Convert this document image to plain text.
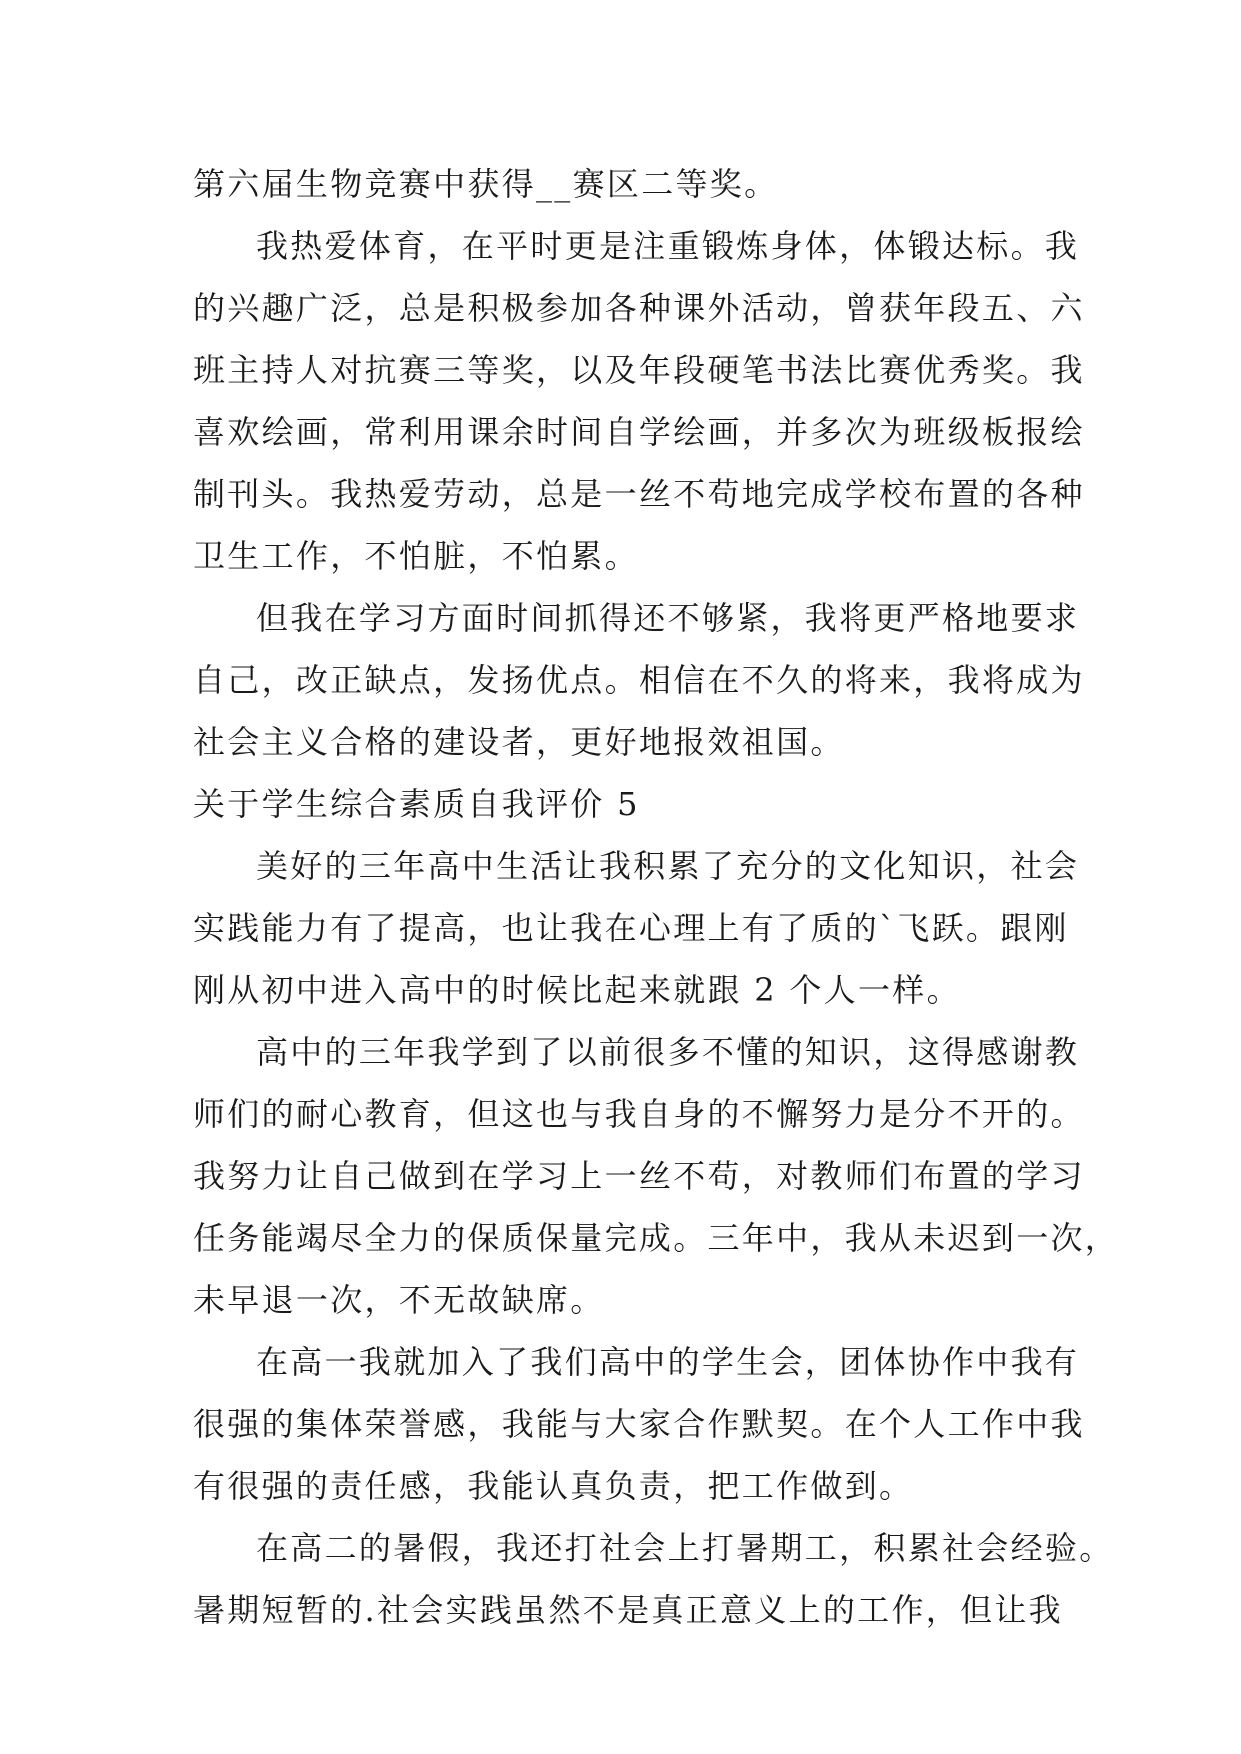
第六届生物竞赛中获得__赛区二等奖。
我热爱体育，在平时更是注重锻炼身体，体锻达标。我
的兴趣广泛，总是积极参加各种课外活动，曾获年段五、六
班主持人对抗赛三等奖，以及年段硬笔书法比赛优秀奖。我
喜欢绘画，常利用课余时间自学绘画，并多次为班级板报绘
制刊头。我热爱劳动，总是一丝不苟地完成学校布置的各种
卫生工作，不怕脏，不怕累。
但我在学习方面时间抓得还不够紧，我将更严格地要求
自己，改正缺点，发扬优点。相信在不久的将来，我将成为
社会主义合格的建设者，更好地报效祖国。
关于学生综合素质自我评价 5
美好的三年高中生活让我积累了充分的文化知识，社会
实践能力有了提高，也让我在心理上有了质的`飞跃。跟刚
刚从初中进入高中的时候比起来就跟 2 个人一样。
高中的三年我学到了以前很多不懂的知识，这得感谢教
师们的耐心教育，但这也与我自身的不懈努力是分不开的。
我努力让自己做到在学习上一丝不苟，对教师们布置的学习
任务能竭尽全力的保质保量完成。三年中，我从未迟到一次，
未早退一次，不无故缺席。
在高一我就加入了我们高中的学生会，团体协作中我有
很强的集体荣誉感，我能与大家合作默契。在个人工作中我
有很强的责任感，我能认真负责，把工作做到。
在高二的暑假，我还打社会上打暑期工，积累社会经验。
暑期短暂的.社会实践虽然不是真正意义上的工作，但让我
